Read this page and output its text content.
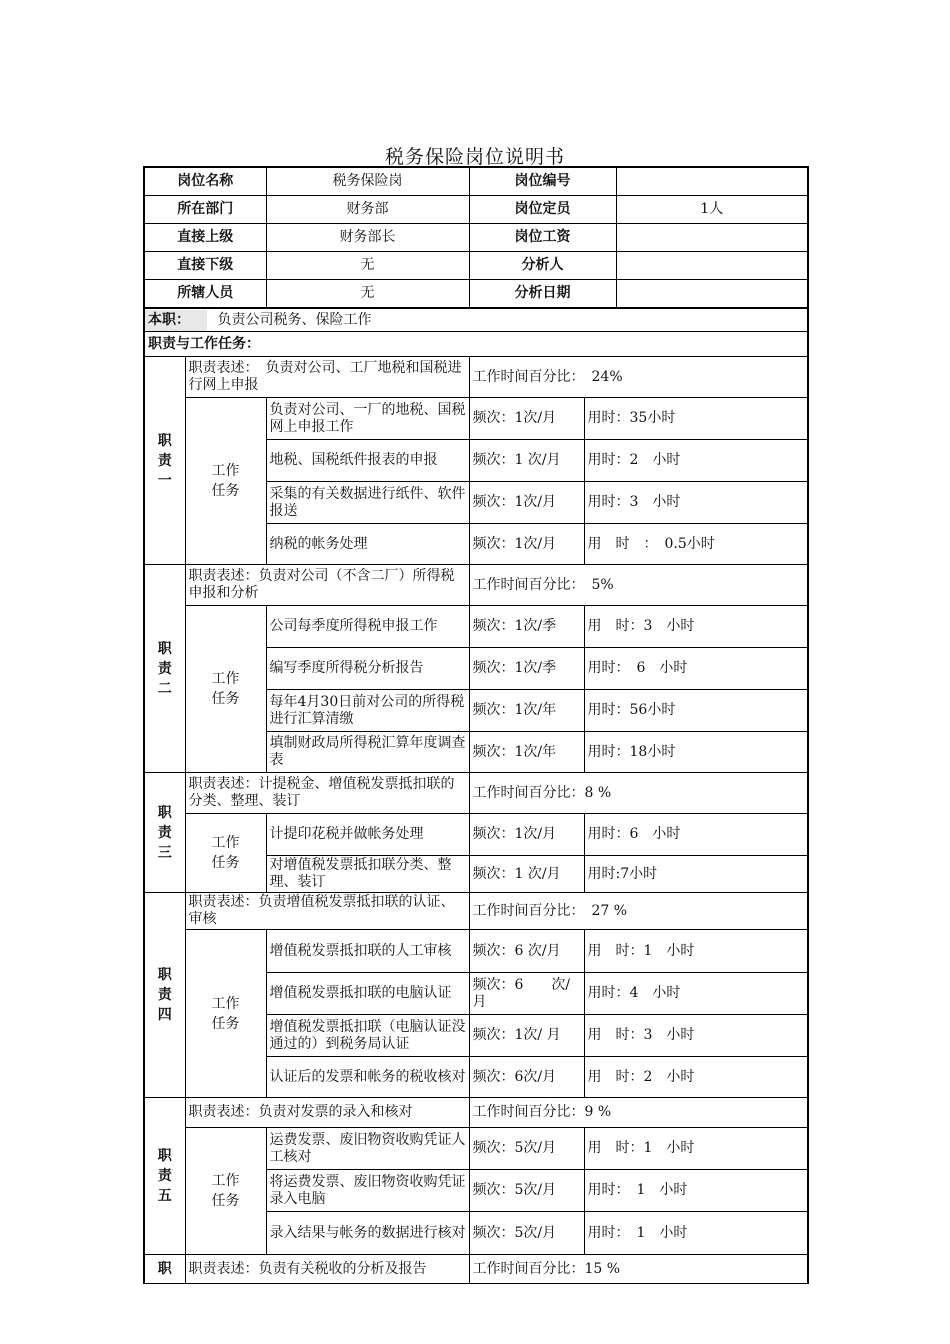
税务保险岗位说明书
岗位名称		税务保险岗	岗位编号		
所在部门		财务部	岗位定员		1人
直接上级		财务部长	岗位工资		
直接下级		无	分析人		
所辖人员		无	分析日期		
本职： 负责公司税务、保险工作					
职责与工作任务：					

职
责
一	职责表述：　负责对公司、工厂地税和国税进行网上申报		工作时间百分比：　24%		

	工作
任务	负责对公司、一厂的地税、国税网上申报工作	频次：1次/月	用时：35小时	
		地税、国税纸件报表的申报	频次：1 次/月	用时：2　小时	
		采集的有关数据进行纸件、软件报送	频次：1次/月	用时：3　小时	
		纳税的帐务处理	频次：1次/月	用　时　：　0.5小时	

职
责
二	职责表述：负责对公司（不含二厂）所得税申报和分析		工作时间百分比：　5%		

	工作
任务	公司每季度所得税申报工作	频次：1次/季	用　时：3　小时	
		编写季度所得税分析报告	频次：1次/季	用时：　6　小时	
		每年4月30日前对公司的所得税进行汇算清缴	频次：1次/年	用时：56小时	
		填制财政局所得税汇算年度调查表	频次：1次/年	用时：18小时	

职
责
三	职责表述：计提税金、增值税发票抵扣联的分类、整理、装订		工作时间百分比：8 %		

	工作
任务	计提印花税并做帐务处理	频次：1次/月	用时：6　小时	
		对增值税发票抵扣联分类、整理、装订	频次：1 次/月	用时:7小时	

职
责
四	职责表述：负责增值税发票抵扣联的认证、　审核		工作时间百分比：　27 %		

	工作
任务	增值税发票抵扣联的人工审核	频次：6 次/月	用　时：1　小时	
		增值税发票抵扣联的电脑认证	频次：6　　次/月	用时：4　小时	
		增值税发票抵扣联（电脑认证没通过的）到税务局认证	频次：1次/ 月	用　时：3　小时	
		认证后的发票和帐务的税收核对	频次：6次/月	用　时：2　小时	

职
责
五	职责表述：负责对发票的录入和核对		工作时间百分比：9 %		

	工作
任务	运费发票、废旧物资收购凭证人工核对	频次：5次/月	用　时：1　小时	
		将运费发票、废旧物资收购凭证录入电脑	频次：5次/月	用时：　1　小时	
		录入结果与帐务的数据进行核对	频次：5次/月	用时：　1　小时	

职	职责表述：负责有关税收的分析及报告		工作时间百分比：15 %		
